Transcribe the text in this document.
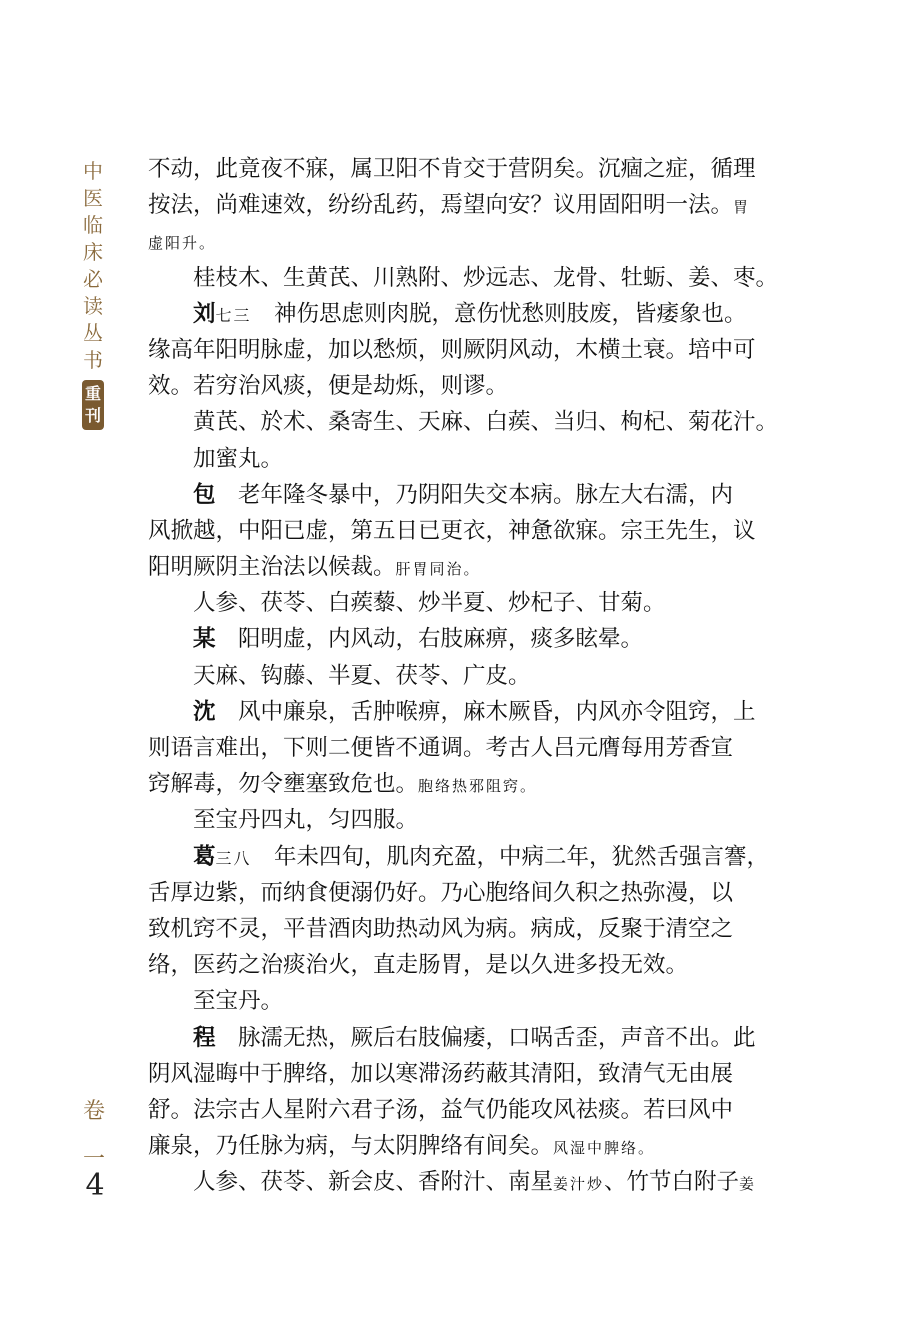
中
医
临
床
必
读
丛
书
重
刊
卷
一
4
不动，此竟夜不寐，属卫阳不肯交于营阴矣。沉痼之症，循理
按法，尚难速效，纷纷乱药，焉望向安？议用固阳明一法。胃
虚阳升。
桂枝木、生黄芪、川熟附、炒远志、龙骨、牡蛎、姜、枣。
刘七三　神伤思虑则肉脱，意伤忧愁则肢废，皆痿象也。
缘高年阳明脉虚，加以愁烦，则厥阴风动，木横土衰。培中可
效。若穷治风痰，便是劫烁，则谬。
黄芪、於术、桑寄生、天麻、白蒺、当归、枸杞、菊花汁。
加蜜丸。
包　老年隆冬暴中，乃阴阳失交本病。脉左大右濡，内
风掀越，中阳已虚，第五日已更衣，神惫欲寐。宗王先生，议
阳明厥阴主治法以候裁。肝胃同治。
人参、茯苓、白蒺藜、炒半夏、炒杞子、甘菊。
某　阳明虚，内风动，右肢麻痹，痰多眩晕。
天麻、钩藤、半夏、茯苓、广皮。
沈　风中廉泉，舌肿喉痹，麻木厥昏，内风亦令阻窍，上
则语言难出，下则二便皆不通调。考古人吕元膺每用芳香宣
窍解毒，勿令壅塞致危也。胞络热邪阻窍。
至宝丹四丸，匀四服。
葛三八　年未四旬，肌肉充盈，中病二年，犹然舌强言謇，
舌厚边紫，而纳食便溺仍好。乃心胞络间久积之热弥漫，以
致机窍不灵，平昔酒肉助热动风为病。病成，反聚于清空之
络，医药之治痰治火，直走肠胃，是以久进多投无效。
至宝丹。
程　脉濡无热，厥后右肢偏痿，口㖞舌歪，声音不出。此
阴风湿晦中于脾络，加以寒滞汤药蔽其清阳，致清气无由展
舒。法宗古人星附六君子汤，益气仍能攻风祛痰。若曰风中
廉泉，乃任脉为病，与太阴脾络有间矣。风湿中脾络。
人参、茯苓、新会皮、香附汁、南星姜汁炒、竹节白附子姜
